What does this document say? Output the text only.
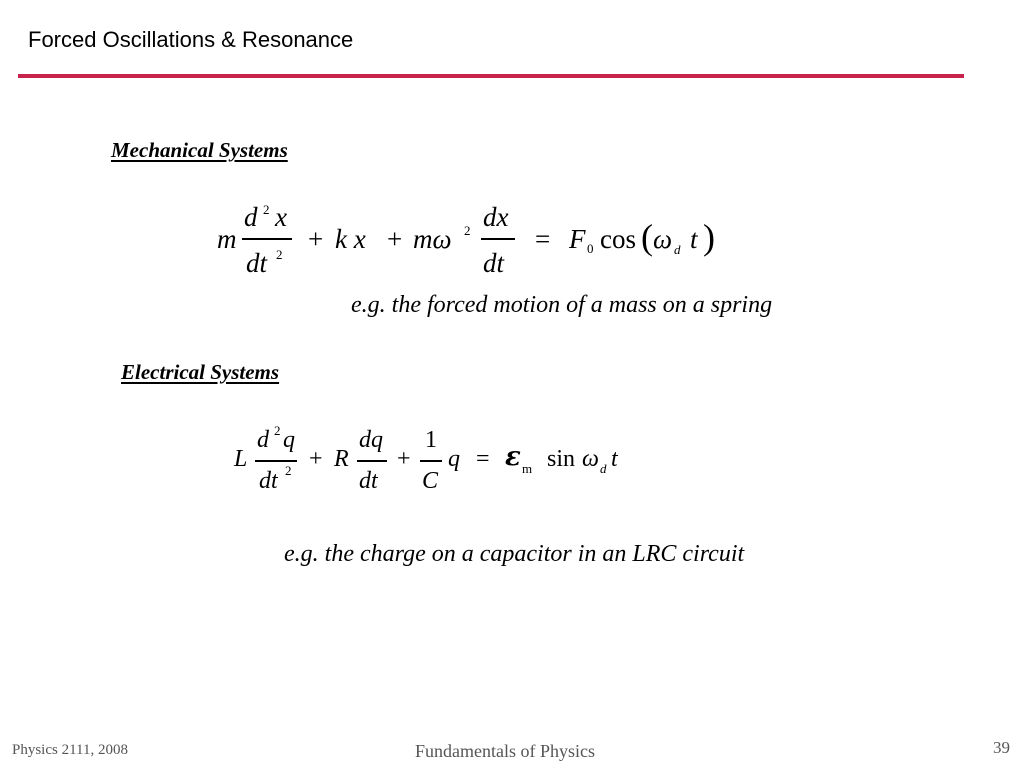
Forced Oscillations & Resonance
Mechanical Systems
m
d 2 x
dt 2
+ k x + mω 2 dx
dt
= F 0 cos ( ω d t )
e.g. the forced motion of a mass on a spring
Electrical Systems
L
d 2 q
dt 2 + R
dq
dt
+
1
C
q = ε m sin ω d t
e.g. the charge on a capacitor in an LRC circuit
Physics 2111, 2008	Fundamentals of Physics	39
